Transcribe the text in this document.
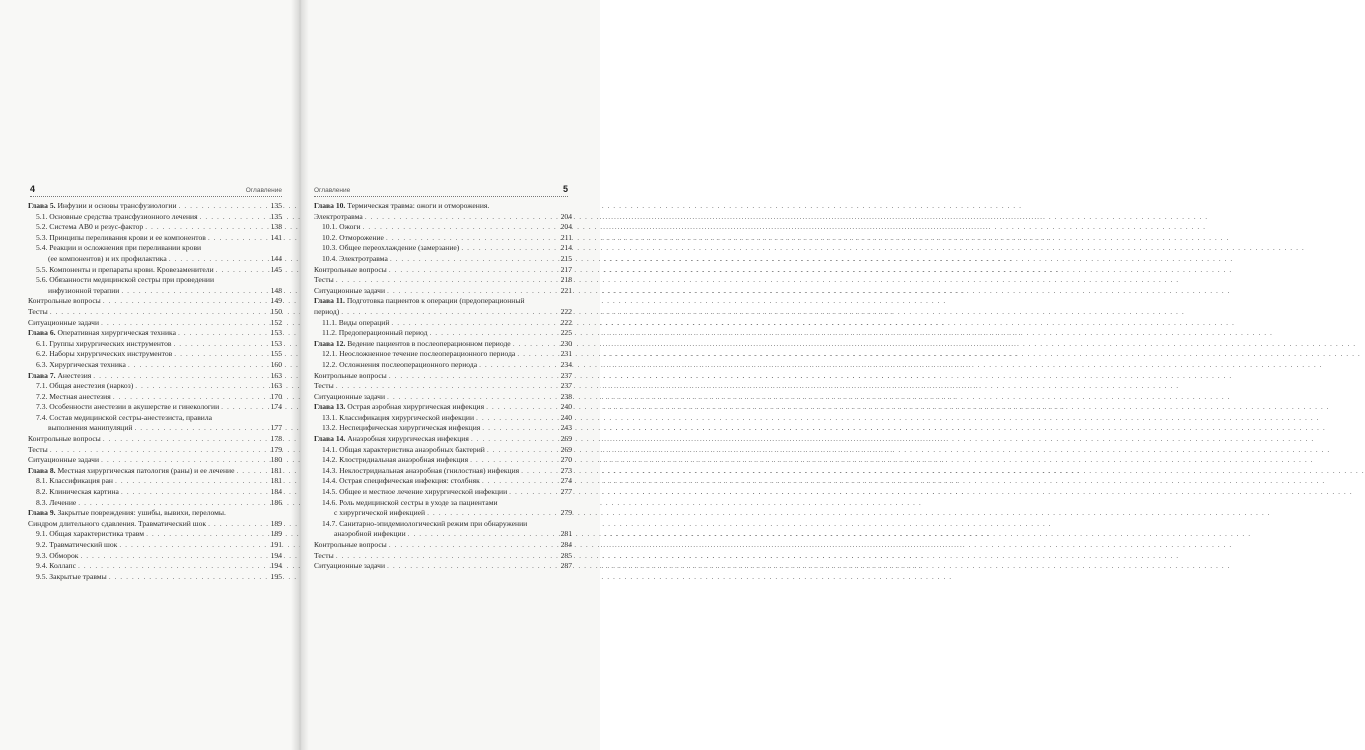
4	Оглавление
Глава 5. Инфузии и основы трансфузиологии . . .	135
5.1. Основные средства трансфузионного лечения . . .	135
5.2. Система АВ0 и резус-фактор . . .	138
5.3. Принципы переливания крови и ее компонентов . . .	141
5.4. Реакции и осложнения при переливании крови
(ее компонентов) и их профилактика . . .	144
5.5. Компоненты и препараты крови. Кровезаменители . . .	145
5.6. Обязанности медицинской сестры при проведении
инфузионной терапии . . .	148
Контрольные вопросы . . .	149
Тесты . . .	150
Ситуационные задачи . . .	152
Глава 6. Оперативная хирургическая техника . . .	153
6.1. Группы хирургических инструментов . . .	153
6.2. Наборы хирургических инструментов . . .	155
6.3. Хирургическая техника . . .	160
Глава 7. Анестезия . . .	163
7.1. Общая анестезия (наркоз) . . .	163
7.2. Местная анестезия . . .	170
7.3. Особенности анестезии в акушерстве и гинекологии . . .	174
7.4. Состав медицинской сестры-анестезиста, правила
выполнения манипуляций . . .	177
Контрольные вопросы . . .	178
Тесты . . .	179
Ситуационные задачи . . .	180
Глава 8. Местная хирургическая патология (раны) и ее лечение . . .	181
8.1. Классификация ран . . .	181
8.2. Клиническая картина . . .	184
8.3. Лечение . . .	186
Глава 9. Закрытые повреждения: ушибы, вывихи, переломы.
Синдром длительного сдавления. Травматический шок . . .	189
9.1. Общая характеристика травм . . .	189
9.2. Травматический шок . . .	191
9.3. Обморок . . .	194
9.4. Коллапс . . .	194
9.5. Закрытые травмы . . .	195
Оглавление	5
Глава 10. Термическая травма: ожоги и отморожения.
Электротравма . . .	204
10.1. Ожоги . . .	204
10.2. Отморожение . . .	211
10.3. Общее переохлаждение (замерзание) . . .	214
10.4. Электротравма . . .	215
Контрольные вопросы . . .	217
Тесты . . .	218
Ситуационные задачи . . .	221
Глава 11. Подготовка пациентов к операции (предоперационный
период) . . .	222
11.1. Виды операций . . .	222
11.2. Предоперационный период . . .	225
Глава 12. Ведение пациентов в послеоперационном периоде . . .	230
12.1. Неосложненное течение послеоперационного периода . . .	231
12.2. Осложнения послеоперационного периода . . .	234
Контрольные вопросы . . .	237
Тесты . . .	237
Ситуационные задачи . . .	238
Глава 13. Острая аэробная хирургическая инфекция . . .	240
13.1. Классификация хирургической инфекции . . .	240
13.2. Неспецифическая хирургическая инфекция . . .	243
Глава 14. Анаэробная хирургическая инфекция . . .	269
14.1. Общая характеристика анаэробных бактерий . . .	269
14.2. Клостридиальная анаэробная инфекция . . .	270
14.3. Неклостридиальная анаэробная (гнилостная) инфекция . . .	273
14.4. Острая специфическая инфекция: столбняк . . .	274
14.5. Общее и местное лечение хирургической инфекции . . .	277
14.6. Роль медицинской сестры в уходе за пациентами
с хирургической инфекцией . . .	279
14.7. Санитарно-эпидемиологический режим при обнаружении
анаэробной инфекции . . .	281
Контрольные вопросы . . .	284
Тесты . . .	285
Ситуационные задачи . . .	287
